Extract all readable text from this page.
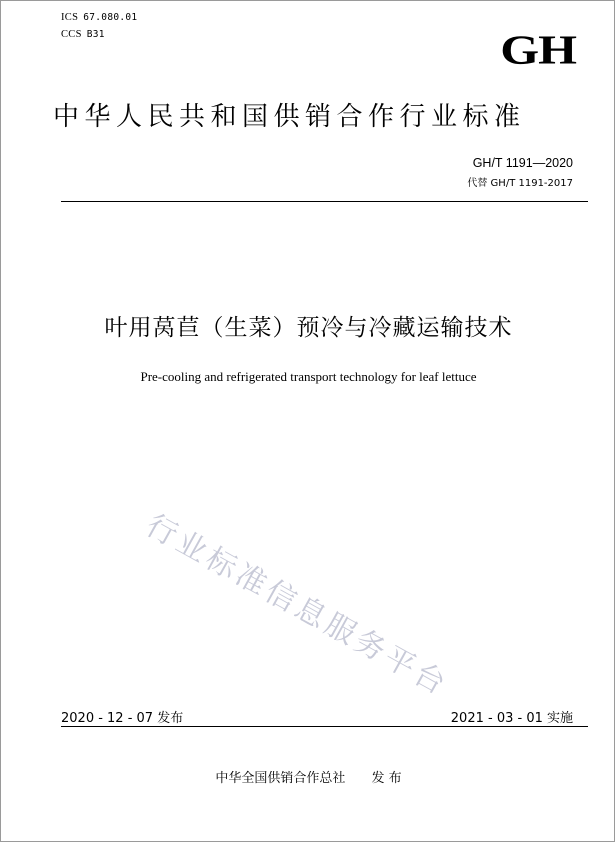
ICS 67.080.01
CCS B31	GH
中华人民共和国供销合作行业标准
GH/T 1191—2020
代替 GH/T 1191-2017
叶用莴苣（生菜）预冷与冷藏运输技术
Pre-cooling and refrigerated transport technology for leaf lettuce
行业标准信息服务平台
2020 - 12 - 07 发布	2021 - 03 - 01 实施
中华全国供销合作总社 发 布
